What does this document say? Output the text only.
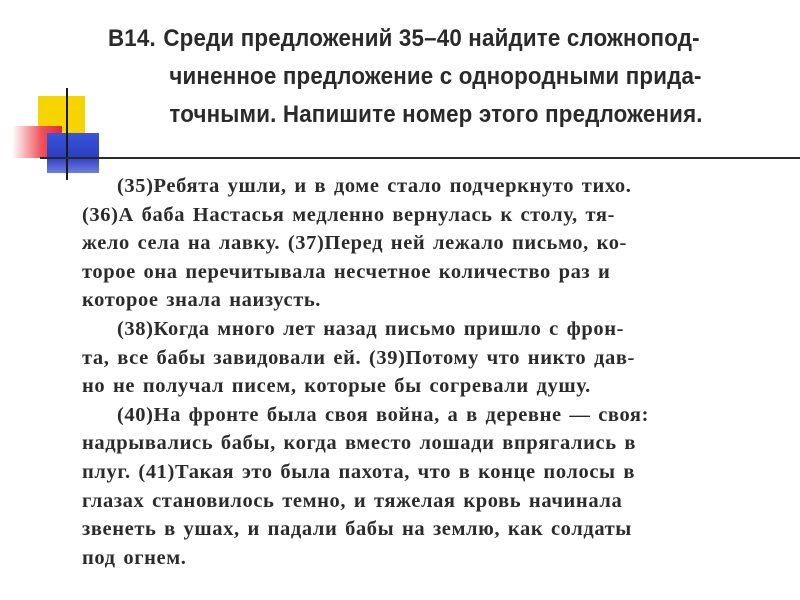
B14. Среди предложений 35–40 найдите сложнопод-
чиненное предложение с однородными прида-
точными. Напишите номер этого предложения.
(35)Ребята ушли, и в доме стало подчеркнуто тихо.
(36)А баба Настасья медленно вернулась к столу, тя-
жело села на лавку. (37)Перед ней лежало письмо, ко-
торое она перечитывала несчетное количество раз и
которое знала наизусть.
(38)Когда много лет назад письмо пришло с фрон-
та, все бабы завидовали ей. (39)Потому что никто дав-
но не получал писем, которые бы согревали душу.
(40)На фронте была своя война, а в деревне — своя:
надрывались бабы, когда вместо лошади впрягались в
плуг. (41)Такая это была пахота, что в конце полосы в
глазах становилось темно, и тяжелая кровь начинала
звенеть в ушах, и падали бабы на землю, как солдаты
под огнем.
